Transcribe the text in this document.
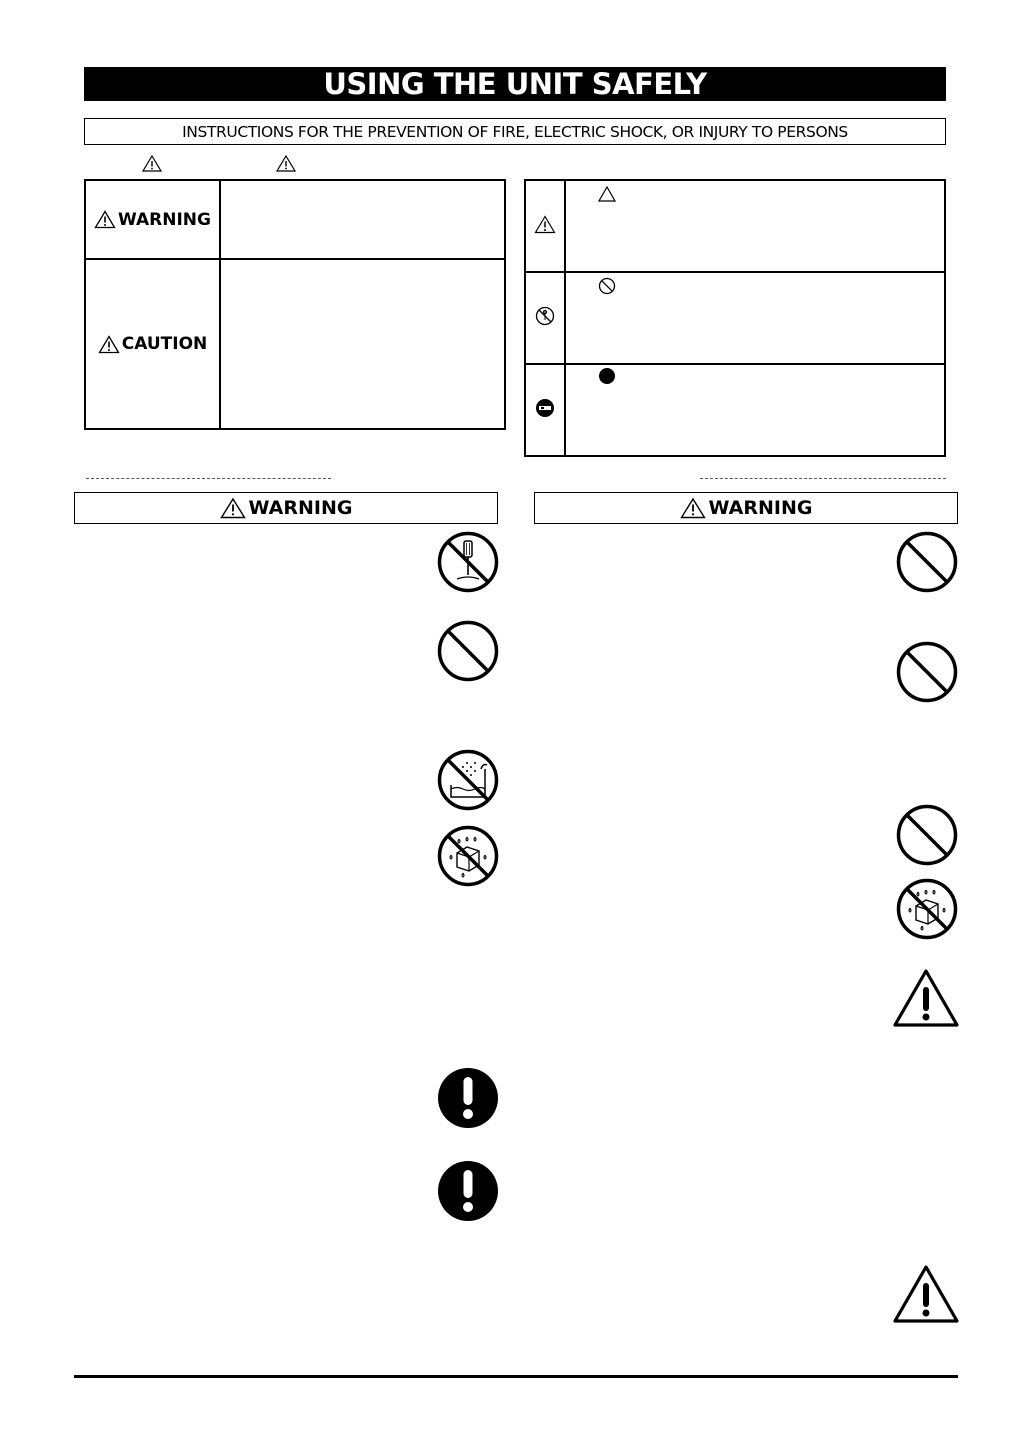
USING THE UNIT SAFELY
INSTRUCTIONS FOR THE PREVENTION OF FIRE, ELECTRIC SHOCK, OR INJURY TO PERSONS
WARNING	

CAUTION	

WARNING	WARNING
